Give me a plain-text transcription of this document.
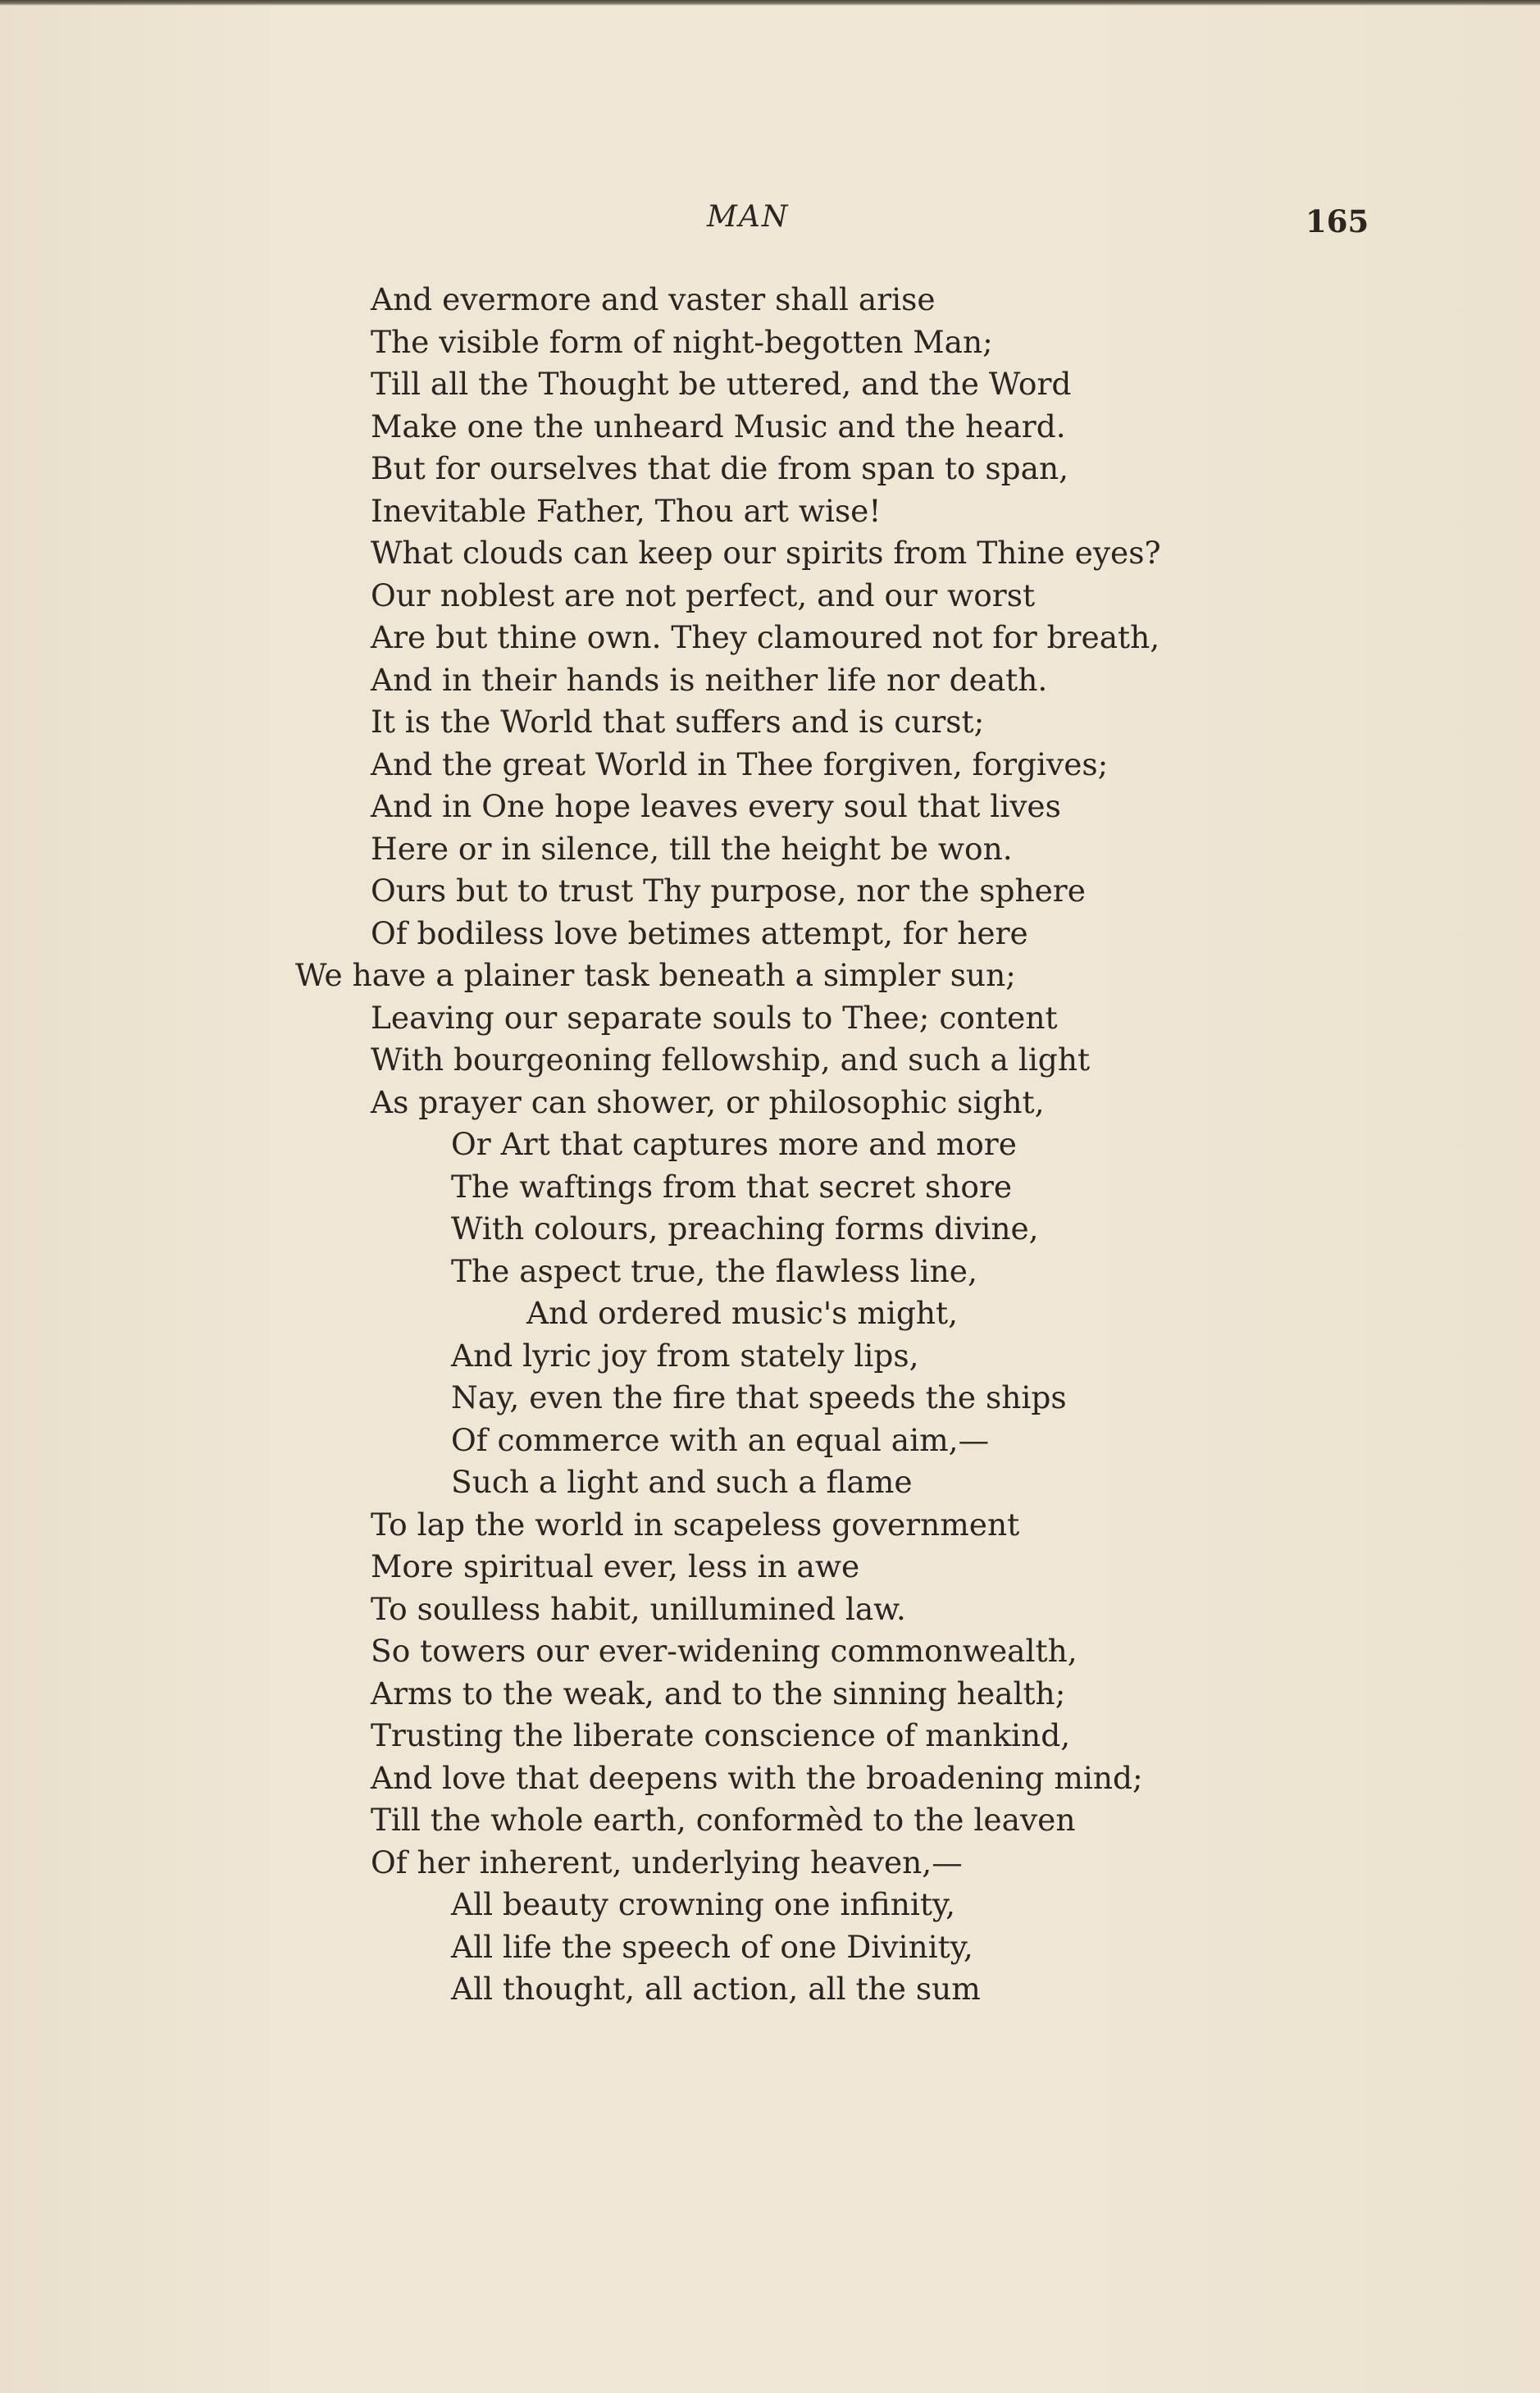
MAN	165
And evermore and vaster shall arise
The visible form of night-begotten Man;
Till all the Thought be uttered, and the Word
Make one the unheard Music and the heard.
But for ourselves that die from span to span,
Inevitable Father, Thou art wise!
What clouds can keep our spirits from Thine eyes?
Our noblest are not perfect, and our worst
Are but thine own. They clamoured not for breath,
And in their hands is neither life nor death.
It is the World that suffers and is curst;
And the great World in Thee forgiven, forgives;
And in One hope leaves every soul that lives
Here or in silence, till the height be won.
Ours but to trust Thy purpose, nor the sphere
Of bodiless love betimes attempt, for here
We have a plainer task beneath a simpler sun;
Leaving our separate souls to Thee; content
With bourgeoning fellowship, and such a light
As prayer can shower, or philosophic sight,
Or Art that captures more and more
The waftings from that secret shore
With colours, preaching forms divine,
The aspect true, the flawless line,
And ordered music's might,
And lyric joy from stately lips,
Nay, even the fire that speeds the ships
Of commerce with an equal aim,—
Such a light and such a flame
To lap the world in scapeless government
More spiritual ever, less in awe
To soulless habit, unillumined law.
So towers our ever-widening commonwealth,
Arms to the weak, and to the sinning health;
Trusting the liberate conscience of mankind,
And love that deepens with the broadening mind;
Till the whole earth, conformèd to the leaven
Of her inherent, underlying heaven,—
All beauty crowning one infinity,
All life the speech of one Divinity,
All thought, all action, all the sum
